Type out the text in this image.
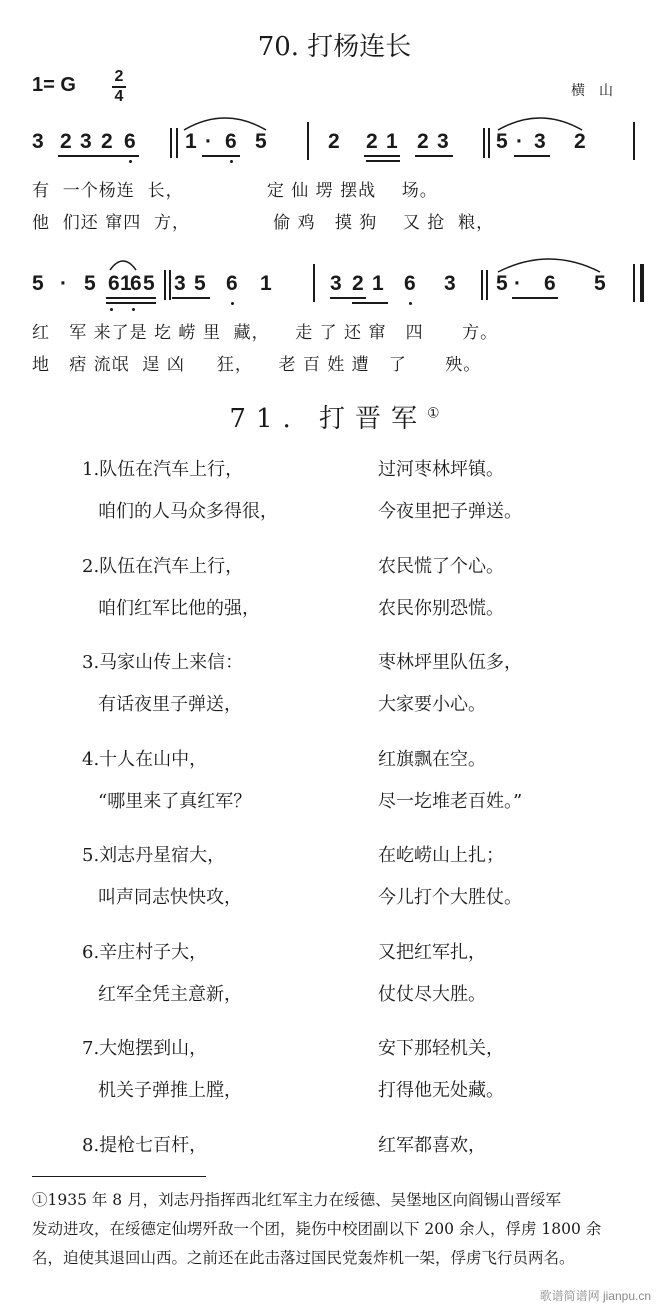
70. 打杨连长
1= G 2
4	横山
3 2 3 2 6 1 · 6 5	2 2 1 2 3 5 · 3 2
5 · 5 6 1
6 5 3 5 6 1	3 2 1 6 3 5 · 6 5
有  一个杨连  长，             定 仙 塄 摆战    场。
他  们还 窜四  方，             偷 鸡   摸 狗    又 抢  粮，
红   军 来了是 圪 崂 里  藏，    走 了 还 窜   四      方。
地   痞 流氓  逞 凶     狂，    老 百 姓 遭   了      殃。
71. 打晋军①
1.队伍在汽车上行，	过河枣林坪镇。
咱们的人马众多得很，	今夜里把子弹送。
2.队伍在汽车上行，	农民慌了个心。
咱们红军比他的强，	农民你别恐慌。
3.马家山传上来信：	枣林坪里队伍多，
有话夜里子弹送，	大家要小心。
4.十人在山中，	红旗飘在空。
“哪里来了真红军？	尽一圪堆老百姓。”
5.刘志丹星宿大，	在屹崂山上扎；
叫声同志快快攻，	今儿打个大胜仗。
6.辛庄村子大，	又把红军扎，
红军全凭主意新，	仗仗尽大胜。
7.大炮摆到山，	安下那轻机关，
机关子弹推上膛，	打得他无处藏。
8.提枪七百杆，	红军都喜欢，
①1935 年 8 月，刘志丹指挥西北红军主力在绥德、吴堡地区向阎锡山晋绥军
发动进攻，在绥德定仙塄歼敌一个团，毙伤中校团副以下 200 余人，俘虏 1800 余
名，迫使其退回山西。之前还在此击落过国民党轰炸机一架，俘虏飞行员两名。
歌谱简谱网 jianpu.cn
